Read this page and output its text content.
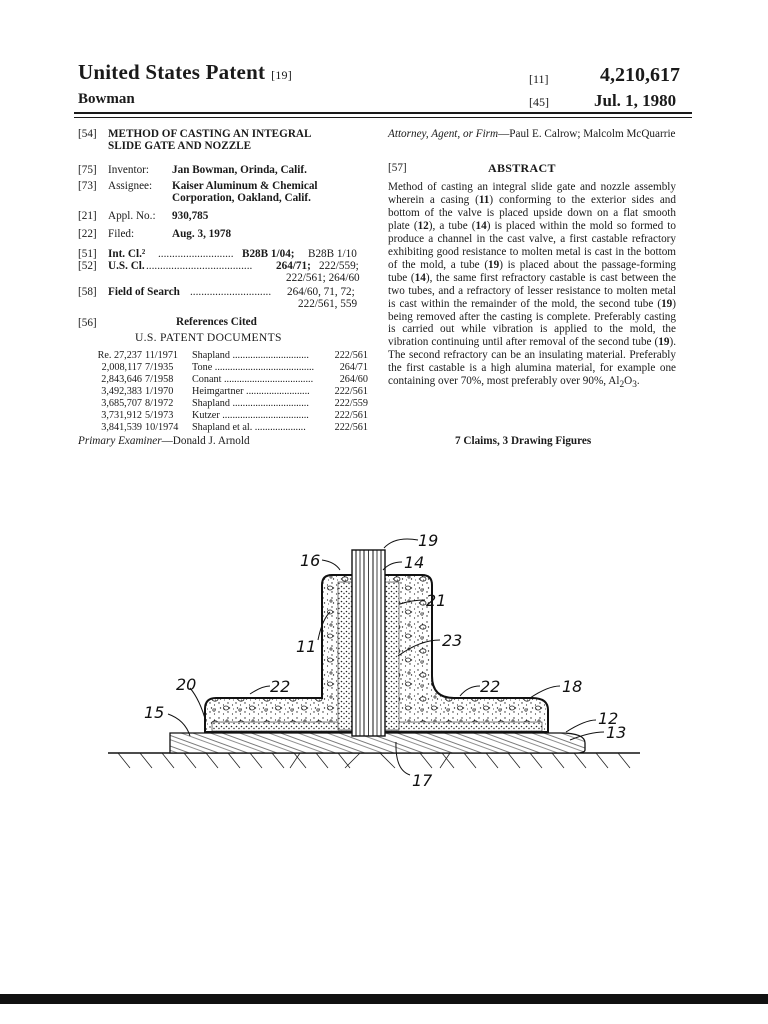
United States Patent [19]
Bowman
[11]
[45]
4,210,617
Jul. 1, 1980
[54] METHOD OF CASTING AN INTEGRAL
SLIDE GATE AND NOZZLE
[75] Inventor: Jan Bowman, Orinda, Calif.
[73] Assignee: Kaiser Aluminum & Chemical
Corporation, Oakland, Calif.
[21] Appl. No.: 930,785
[22] Filed:	Aug. 3, 1978
[51] Int. Cl.² ........................... B28B 1/04; B28B 1/10
[52] U.S. Cl. ...................................... 264/71; 222/559;
222/561; 264/60
[58] Field of Search ............................. 264/60, 71, 72;
222/561, 559
[56]	References Cited
U.S. PATENT DOCUMENTS
Re. 27,237 11/1971 Shapland ..............................	222/561
2,008,117 7/1935 Tone .......................................	264/71
2,843,646 7/1958 Conant ...................................	264/60
3,492,383 1/1970 Heimgartner ......................... 222/561
3,685,707 8/1972 Shapland ..............................	222/559
3,731,912 5/1973 Kutzer ..................................	222/561
3,841,539 10/1974 Shapland et al. ....................	222/561
Primary Examiner—Donald J. Arnold
Attorney, Agent, or Firm—Paul E. Calrow; Malcolm McQuarrie
[57]	ABSTRACT

Method of casting an integral slide gate and nozzle assembly wherein a casing (11) conforming to the exterior sides and bottom of the valve is placed upside down on a flat smooth plate (12), a tube (14) is placed within the mold so formed to produce a channel in the cast valve, a first castable refractory exhibiting good resistance to molten metal is cast in the bottom of the mold, a tube (19) is placed about the passage-forming tube (14), the same first refractory castable is cast between the two tubes, and a refractory of lesser resistance to molten metal is cast within the remainder of the mold, the second tube (19) being removed after the casting is complete. Preferably casting is carried out while vibration is applied to the mold, the vibration continuing until after removal of the second tube (19). The second refractory can be an insulating material. Preferably the first castable is a high alumina material, for example one containing over 70%, most preferably over 90%, $Al_2O_3$.

7 Claims, 3 Drawing Figures
19
16	14
21
11	23
20	22	22	18
15	12
13
17
